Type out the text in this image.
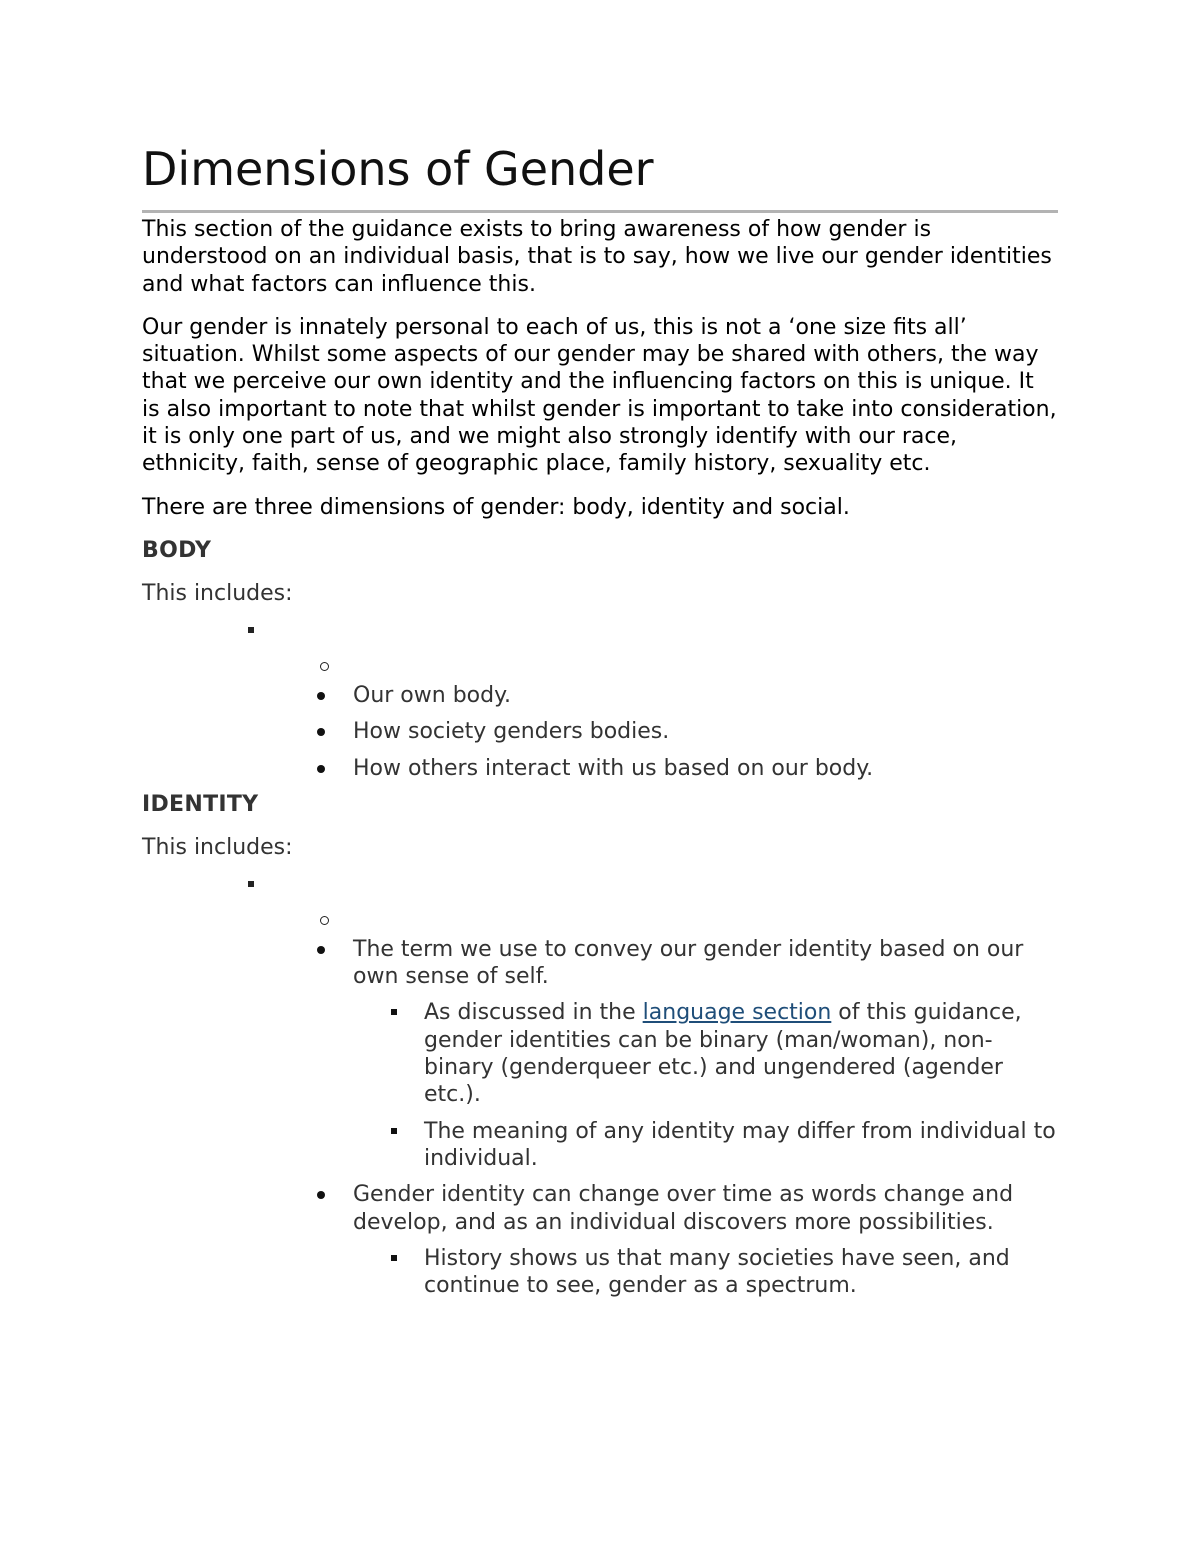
Dimensions of Gender

This section of the guidance exists to bring awareness of how gender is understood on an individual basis, that is to say, how we live our gender identities and what factors can influence this.

Our gender is innately personal to each of us, this is not a ‘one size fits all’ situation. Whilst some aspects of our gender may be shared with others, the way that we perceive our own identity and the influencing factors on this is unique. It is also important to note that whilst gender is important to take into consideration, it is only one part of us, and we might also strongly identify with our race, ethnicity, faith, sense of geographic place, family history, sexuality etc.

There are three dimensions of gender: body, identity and social.

BODY

This includes:

Our own body.
How society genders bodies.
How others interact with us based on our body.

IDENTITY

This includes:

The term we use to convey our gender identity based on our own sense of self.
As discussed in the language section of this guidance, gender identities can be binary (man/woman), non-binary (genderqueer etc.) and ungendered (agender etc.).
The meaning of any identity may differ from individual to individual.
Gender identity can change over time as words change and develop, and as an individual discovers more possibilities.
History shows us that many societies have seen, and continue to see, gender as a spectrum.
